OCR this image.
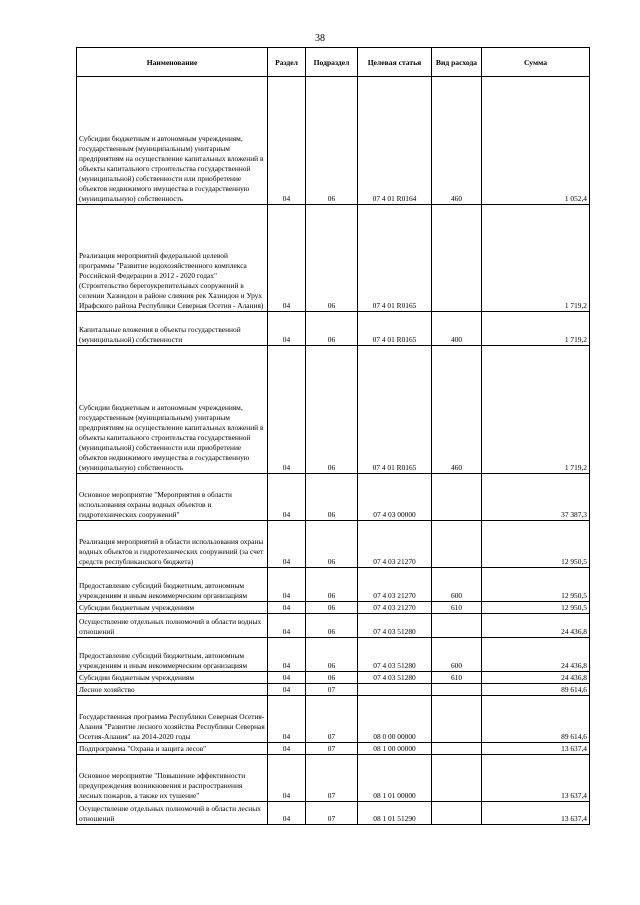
38
Наименование	Раздел	Подраздел	Целевая статья	Вид расхода	Сумма
Субсидии бюджетным и автономным учреждениям, государственным (муниципальным) унитарным предприятиям на осуществление капитальных вложений в объекты капитального строительства государственной (муниципальной) собственности или приобретение объектов недвижимого имущества в государственную (муниципальную) собственность	04	06	07 4 01 R0164	460	1 052,4
Реализация мероприятий федеральной целевой программы "Развитие водохозяйственного комплекса Российской Федерации в 2012 - 2020 годах" (Строительство берегоукрепительных сооружений в селении Хазнидон в районе слияния рек Хазнидон и Урух Ирафского района Республики Северная Осетия - Алания)	04	06	07 4 01 R0165		1 719,2
Капитальные вложения в объекты государственной (муниципальной) собственности	04	06	07 4 01 R0165	400	1 719,2
Субсидии бюджетным и автономным учреждениям, государственным (муниципальным) унитарным предприятиям на осуществление капитальных вложений в объекты капитального строительства государственной (муниципальной) собственности или приобретение объектов недвижимого имущества в государственную (муниципальную) собственность	04	06	07 4 01 R0165	460	1 719,2
Основное мероприятие "Мероприятия в области использования охраны водных объектов и гидротехнических сооружений"	04	06	07 4 03 00000		37 387,3
Реализация мероприятий в области использования охраны водных объектов и гидротехнических сооружений (за счет средств республиканского бюджета)	04	06	07 4 03 21270		12 950,5
Предоставление субсидий бюджетным, автономным учреждениям и иным некоммерческим организациям	04	06	07 4 03 21270	600	12 950,5
Субсидии бюджетным учреждениям	04	06	07 4 03 21270	610	12 950,5
Осуществление отдельных полномочий в области водных отношений	04	06	07 4 03 51280		24 436,8
Предоставление субсидий бюджетным, автономным учреждениям и иным некоммерческим организациям	04	06	07 4 03 51280	600	24 436,8
Субсидии бюджетным учреждениям	04	06	07 4 03 51280	610	24 436,8
Лесное хозяйство	04	07			89 614,6
Государственная программа Республики Северная Осетия-Алания "Развитие лесного хозяйства Республики Северная Осетия-Алания" на 2014-2020 годы	04	07	08 0 00 00000		89 614,6
Подпрограмма "Охрана и защита лесов"	04	07	08 1 00 00000		13 637,4
Основное мероприятие "Повышение эффективности предупреждения возникновения и распространения лесных пожаров, а также их тушение"	04	07	08 1 01 00000		13 637,4
Осуществление отдельных полномочий в области лесных отношений	04	07	08 1 01 51290		13 637,4
